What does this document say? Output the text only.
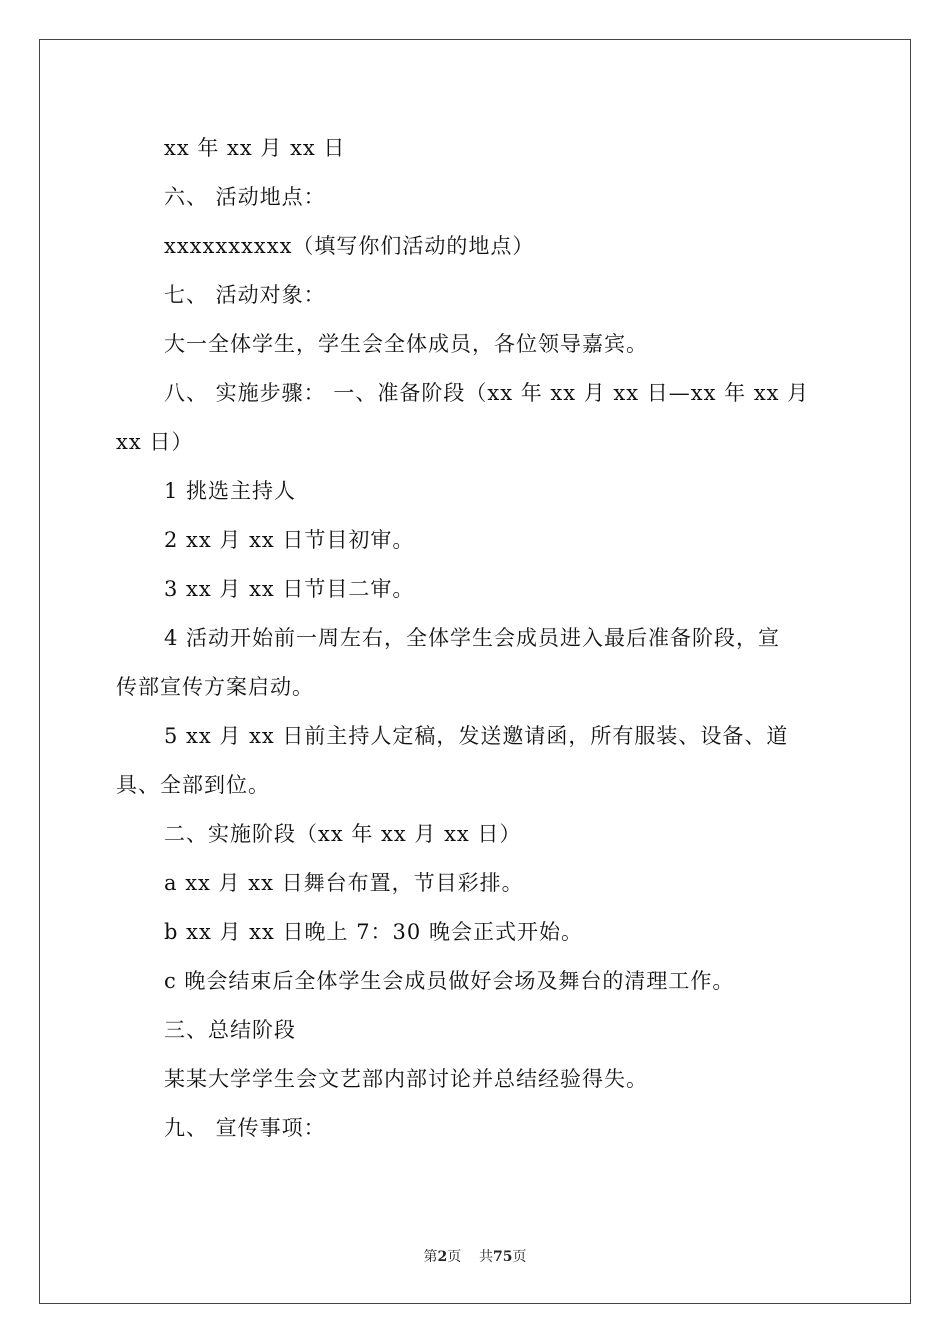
xx 年 xx 月 xx 日
六、 活动地点：
xxxxxxxxxx（填写你们活动的地点）
七、 活动对象：
大一全体学生，学生会全体成员，各位领导嘉宾。
八、 实施步骤： 一、准备阶段（xx 年 xx 月 xx 日—xx 年 xx 月
xx 日）
1 挑选主持人
2 xx 月 xx 日节目初审。
3 xx 月 xx 日节目二审。
4 活动开始前一周左右，全体学生会成员进入最后准备阶段，宣
传部宣传方案启动。
5 xx 月 xx 日前主持人定稿，发送邀请函，所有服装、设备、道
具、全部到位。
二、实施阶段（xx 年 xx 月 xx 日）
a xx 月 xx 日舞台布置，节目彩排。
b xx 月 xx 日晚上 7：30 晚会正式开始。
c 晚会结束后全体学生会成员做好会场及舞台的清理工作。
三、总结阶段
某某大学学生会文艺部内部讨论并总结经验得失。
九、 宣传事项：
第2页 共75页
